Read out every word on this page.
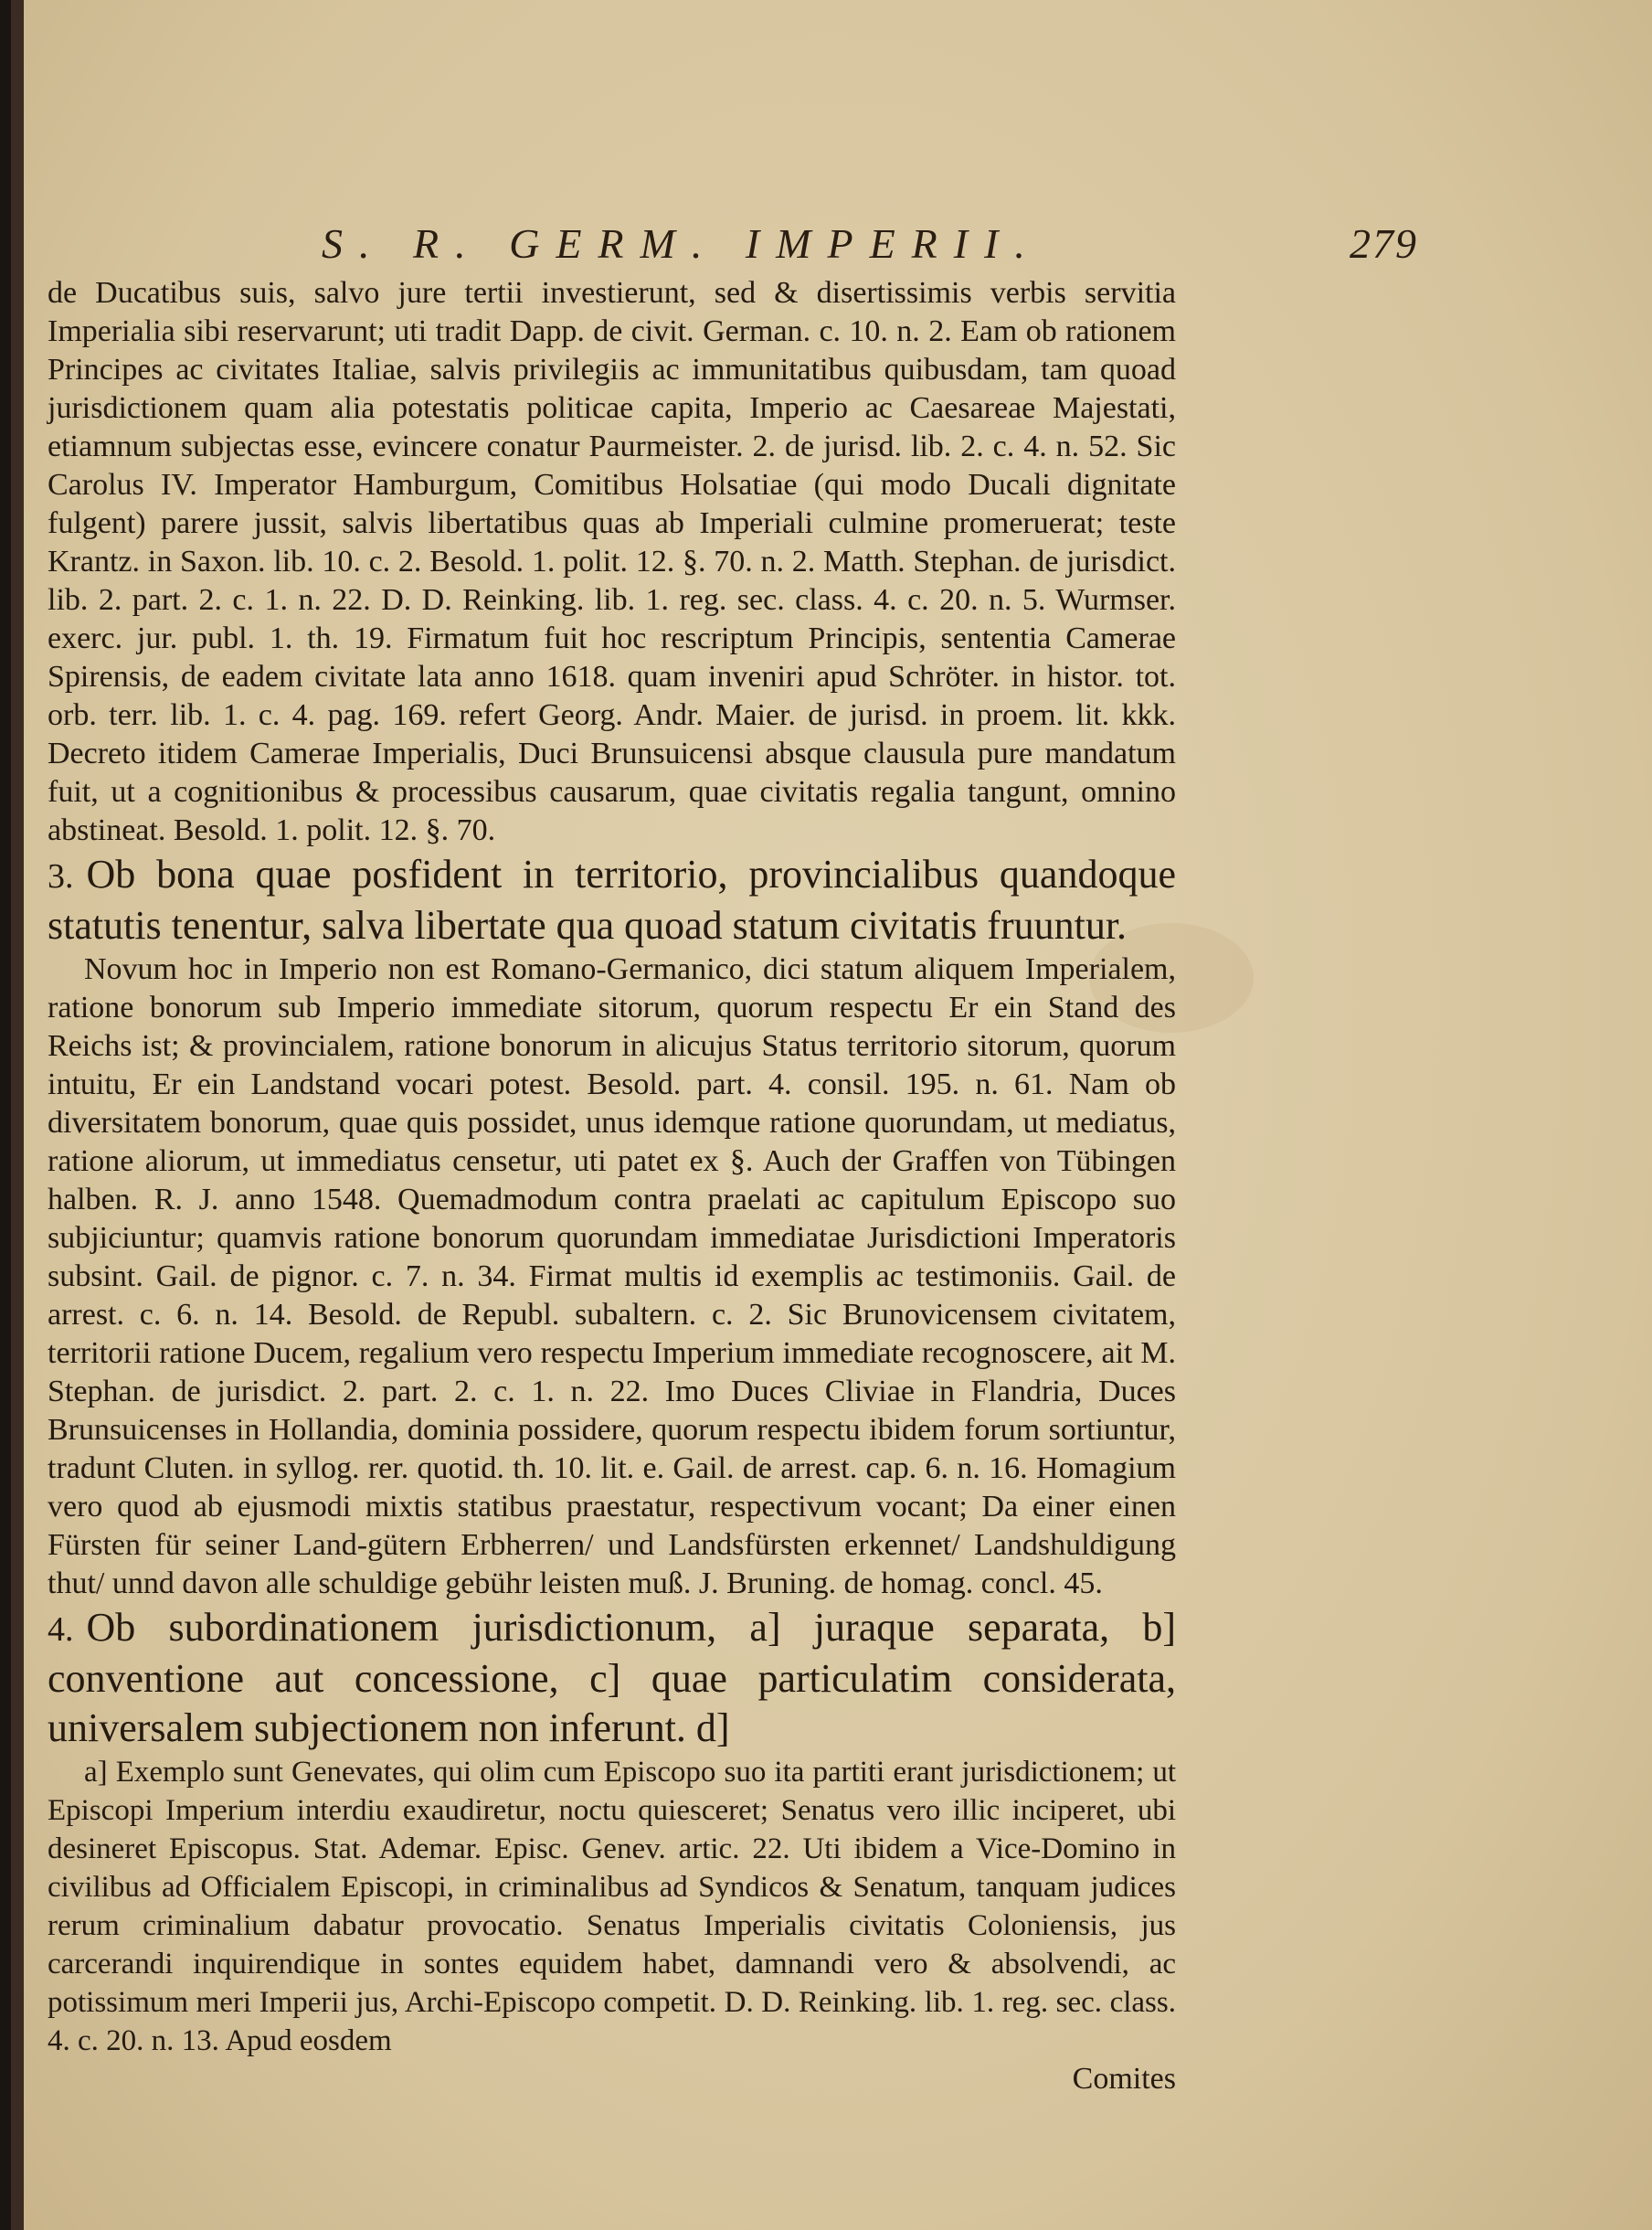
S. R. GERM. IMPERII.	279

de Ducatibus suis, salvo jure tertii investierunt, sed & disertissimis verbis servitia Imperialia sibi reservarunt; uti tradit Dapp. de civit. German. c. 10. n. 2. Eam ob rationem Principes ac civitates Italiae, salvis privilegiis ac immunitatibus quibusdam, tam quoad jurisdictionem quam alia potestatis politicae capita, Imperio ac Caesareae Majestati, etiamnum subjectas esse, evincere conatur Paurmeister. 2. de jurisd. lib. 2. c. 4. n. 52. Sic Carolus IV. Imperator Hamburgum, Comitibus Holsatiae (qui modo Ducali dignitate fulgent) parere jussit, salvis libertatibus quas ab Imperiali culmine promeruerat; teste Krantz. in Saxon. lib. 10. c. 2. Besold. 1. polit. 12. §. 70. n. 2. Matth. Stephan. de jurisdict. lib. 2. part. 2. c. 1. n. 22. D. D. Reinking. lib. 1. reg. sec. class. 4. c. 20. n. 5. Wurmser. exerc. jur. publ. 1. th. 19. Firmatum fuit hoc rescriptum Principis, sententia Camerae Spirensis, de eadem civitate lata anno 1618. quam inveniri apud Schröter. in histor. tot. orb. terr. lib. 1. c. 4. pag. 169. refert Georg. Andr. Maier. de jurisd. in proem. lit. kkk. Decreto itidem Camerae Imperialis, Duci Brunsuicensi absque clausula pure mandatum fuit, ut a cognitionibus & processibus causarum, quae civitatis regalia tangunt, omnino abstineat. Besold. 1. polit. 12. §. 70.

3. Ob bona quae posfident in territorio, provincialibus quandoque statutis tenentur, salva libertate qua quoad statum civitatis fruuntur.

Novum hoc in Imperio non est Romano-Germanico, dici statum aliquem Imperialem, ratione bonorum sub Imperio immediate sitorum, quorum respectu Er ein Stand des Reichs ist; & provincialem, ratione bonorum in alicujus Status territorio sitorum, quorum intuitu, Er ein Landstand vocari potest. Besold. part. 4. consil. 195. n. 61. Nam ob diversitatem bonorum, quae quis possidet, unus idemque ratione quorundam, ut mediatus, ratione aliorum, ut immediatus censetur, uti patet ex §. Auch der Graffen von Tübingen halben. R. J. anno 1548. Quemadmodum contra praelati ac capitulum Episcopo suo subjiciuntur; quamvis ratione bonorum quorundam immediatae Jurisdictioni Imperatoris subsint. Gail. de pignor. c. 7. n. 34. Firmat multis id exemplis ac testimoniis. Gail. de arrest. c. 6. n. 14. Besold. de Republ. subaltern. c. 2. Sic Brunovicensem civitatem, territorii ratione Ducem, regalium vero respectu Imperium immediate recognoscere, ait M. Stephan. de jurisdict. 2. part. 2. c. 1. n. 22. Imo Duces Cliviae in Flandria, Duces Brunsuicenses in Hollandia, dominia possidere, quorum respectu ibidem forum sortiuntur, tradunt Cluten. in syllog. rer. quotid. th. 10. lit. e. Gail. de arrest. cap. 6. n. 16. Homagium vero quod ab ejusmodi mixtis statibus praestatur, respectivum vocant; Da einer einen Fürsten für seiner Land-gütern Erbherren/ und Landsfürsten erkennet/ Landshuldigung thut/ unnd davon alle schuldige gebühr leisten muß. J. Bruning. de homag. concl. 45.

4. Ob subordinationem jurisdictionum, a] juraque separata, b] conventione aut concessione, c] quae particulatim considerata, universalem subjectionem non inferunt. d]

a] Exemplo sunt Genevates, qui olim cum Episcopo suo ita partiti erant jurisdictionem; ut Episcopi Imperium interdiu exaudiretur, noctu quiesceret; Senatus vero illic inciperet, ubi desineret Episcopus. Stat. Ademar. Episc. Genev. artic. 22. Uti ibidem a Vice-Domino in civilibus ad Officialem Episcopi, in criminalibus ad Syndicos & Senatum, tanquam judices rerum criminalium dabatur provocatio. Senatus Imperialis civitatis Coloniensis, jus carcerandi inquirendique in sontes equidem habet, damnandi vero & absolvendi, ac potissimum meri Imperii jus, Archi-Episcopo competit. D. D. Reinking. lib. 1. reg. sec. class. 4. c. 20. n. 13. Apud eosdem

Comites
